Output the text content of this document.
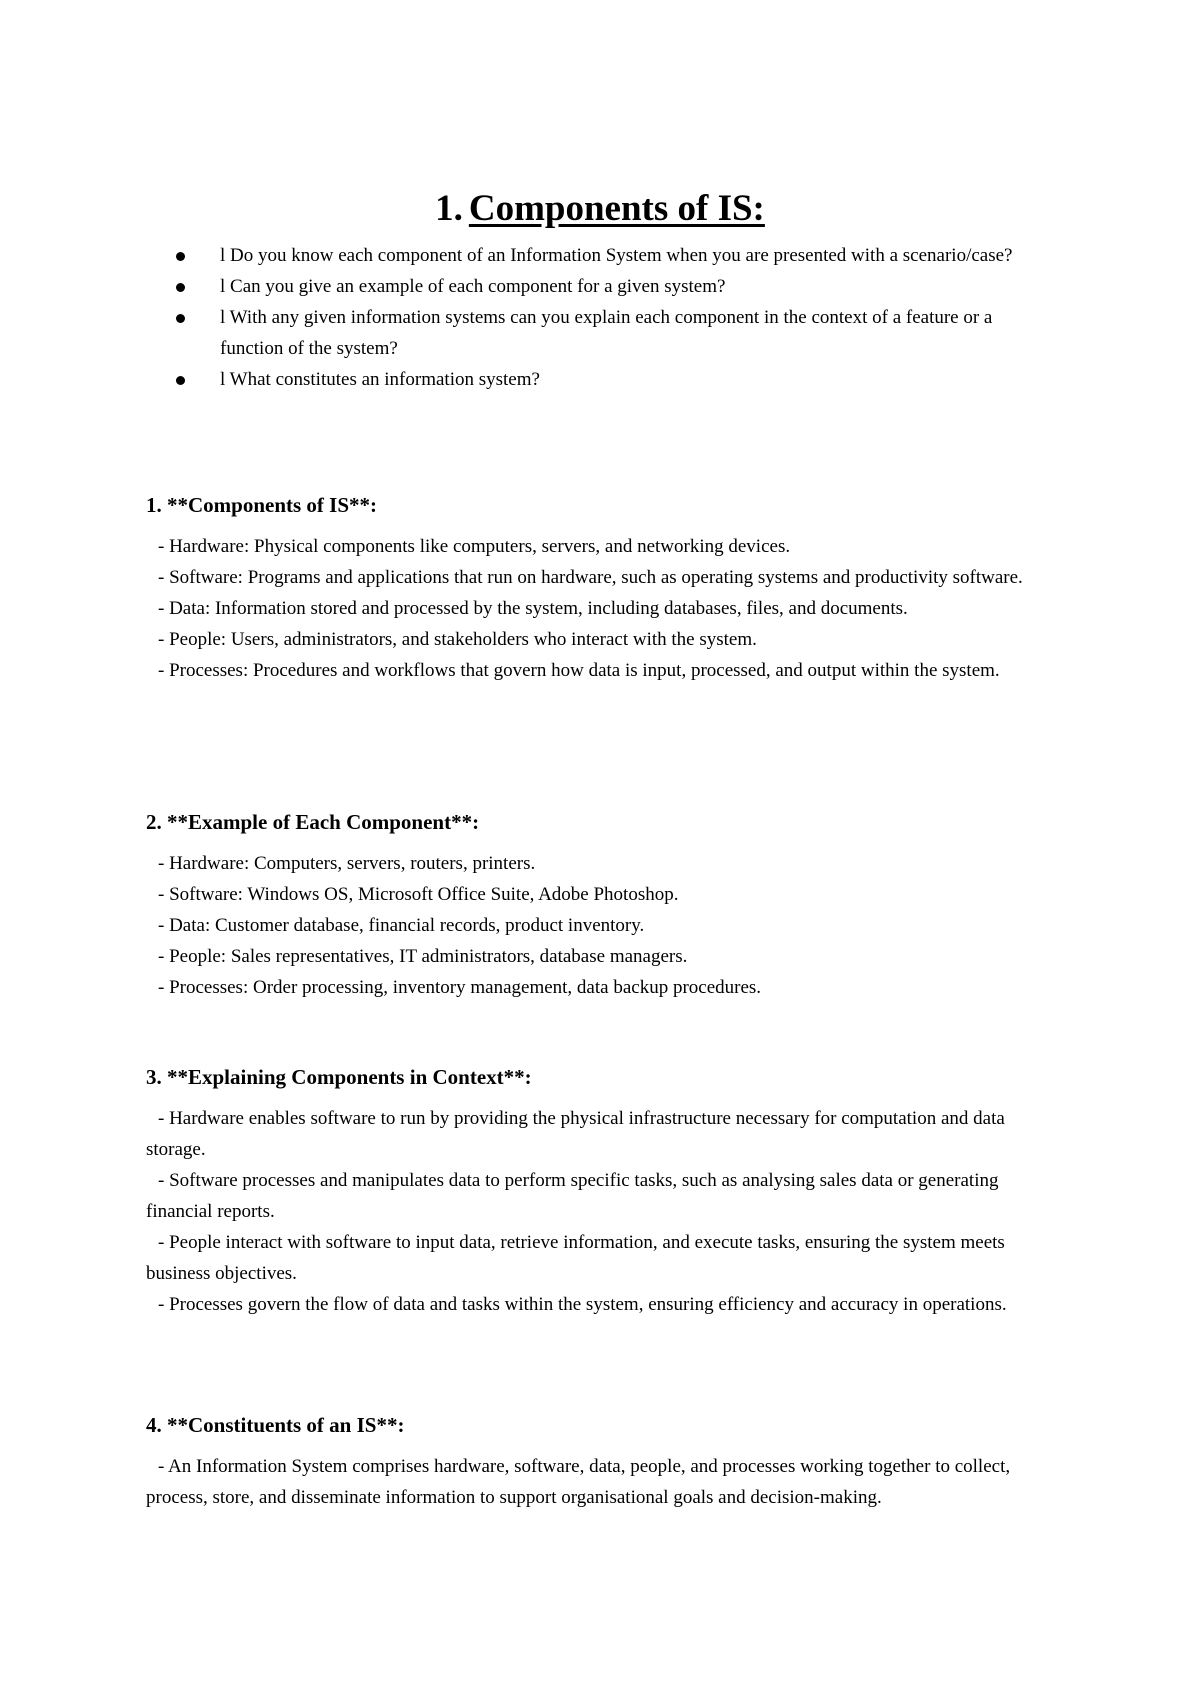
1. Components of IS:
l Do you know each component of an Information System when you are presented with a scenario/case?
l Can you give an example of each component for a given system?
l With any given information systems can you explain each component in the context of a feature or a function of the system?
l What constitutes an information system?
1. **Components of IS**:

- Hardware: Physical components like computers, servers, and networking devices.

- Software: Programs and applications that run on hardware, such as operating systems and productivity software.

- Data: Information stored and processed by the system, including databases, files, and documents.

- People: Users, administrators, and stakeholders who interact with the system.

- Processes: Procedures and workflows that govern how data is input, processed, and output within the system.

2. **Example of Each Component**:

- Hardware: Computers, servers, routers, printers.

- Software: Windows OS, Microsoft Office Suite, Adobe Photoshop.

- Data: Customer database, financial records, product inventory.

- People: Sales representatives, IT administrators, database managers.

- Processes: Order processing, inventory management, data backup procedures.

3. **Explaining Components in Context**:

- Hardware enables software to run by providing the physical infrastructure necessary for computation and data storage.

- Software processes and manipulates data to perform specific tasks, such as analysing sales data or generating financial reports.

- People interact with software to input data, retrieve information, and execute tasks, ensuring the system meets business objectives.

- Processes govern the flow of data and tasks within the system, ensuring efficiency and accuracy in operations.

4. **Constituents of an IS**:

- An Information System comprises hardware, software, data, people, and processes working together to collect, process, store, and disseminate information to support organisational goals and decision-making.
